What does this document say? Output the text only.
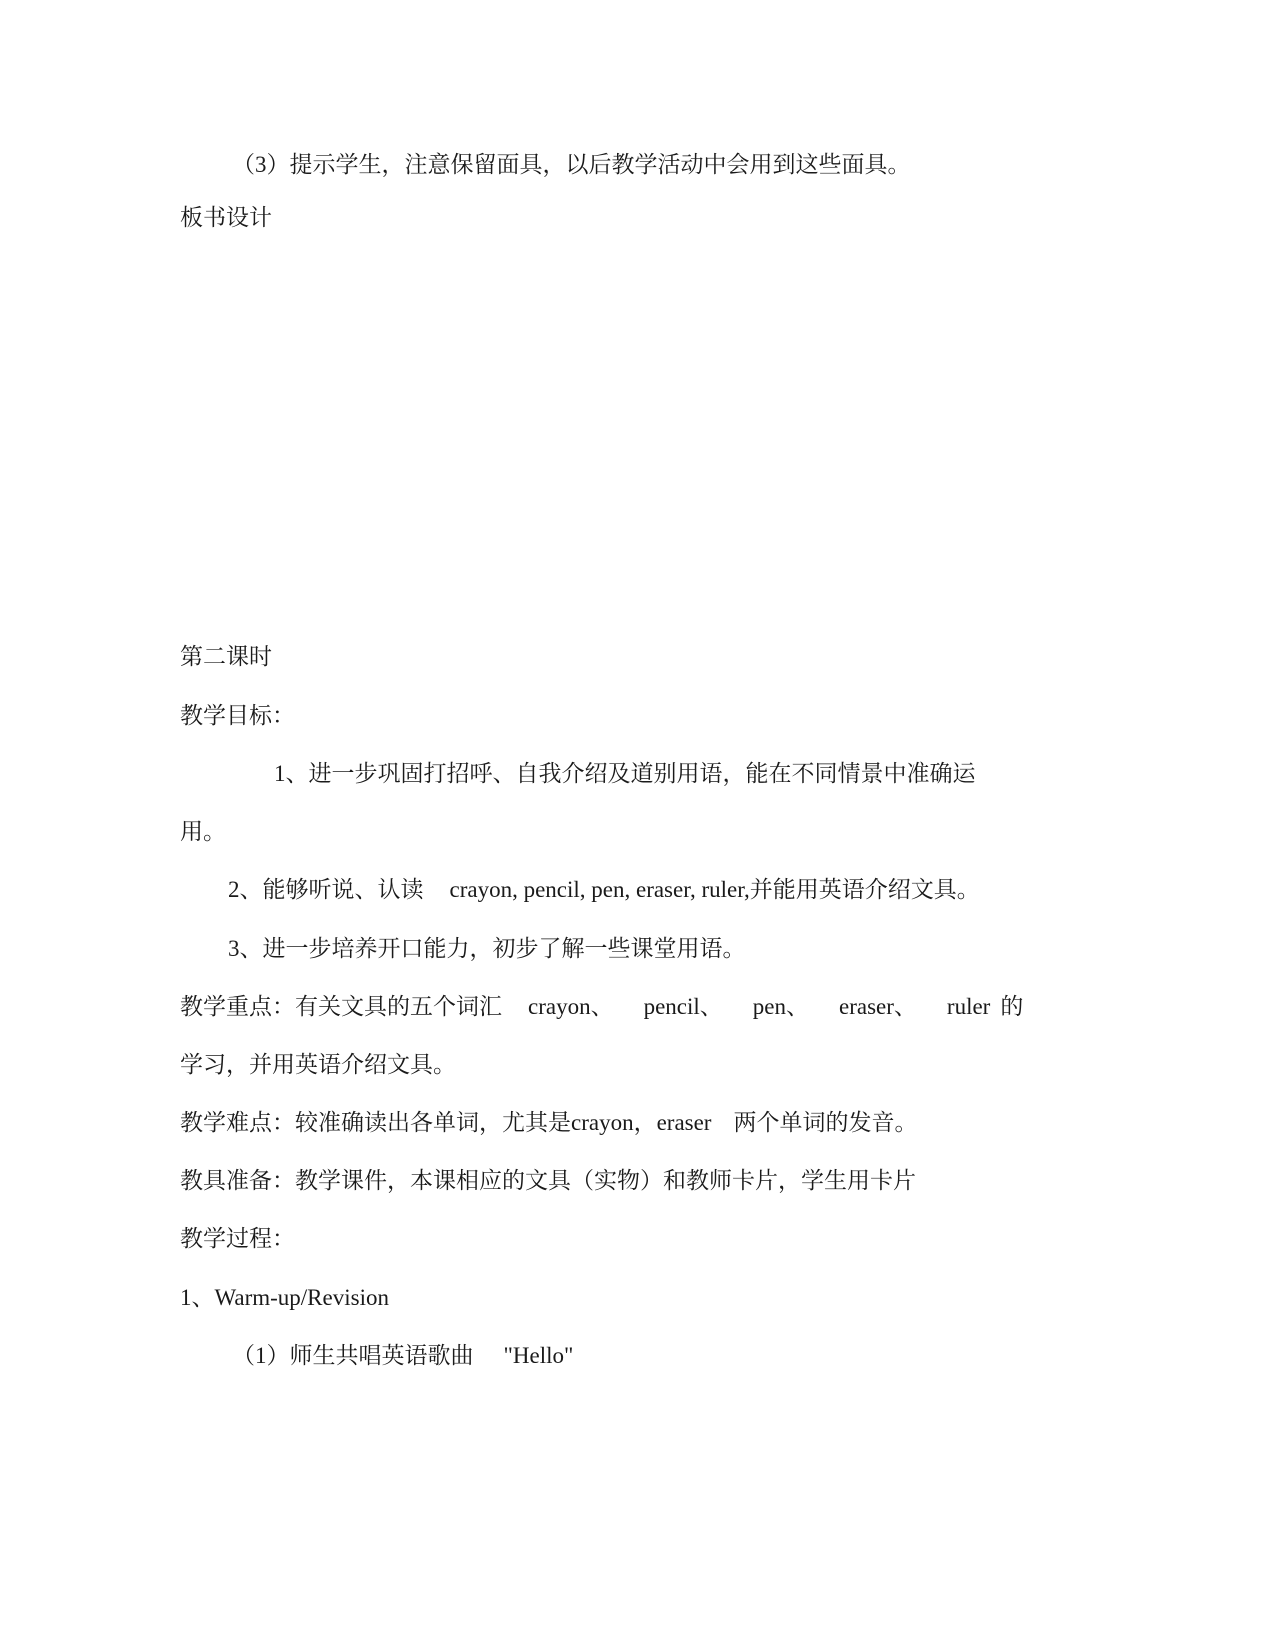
（3）提示学生，注意保留面具，以后教学活动中会用到这些面具。
板书设计
第二课时
教学目标：
1、进一步巩固打招呼、自我介绍及道别用语，能在不同情景中准确运
用。
2、能够听说、认读 crayon, pencil, pen, eraser, ruler,并能用英语介绍文具。
3、进一步培养开口能力，初步了解一些课堂用语。
教学重点：有关文具的五个词汇 crayon、 pencil、 pen、 eraser、 ruler 的
学习，并用英语介绍文具。
教学难点：较准确读出各单词，尤其是crayon，eraser 两个单词的发音。
教具准备：教学课件，本课相应的文具（实物）和教师卡片，学生用卡片
教学过程：
1、Warm-up/Revision
（1）师生共唱英语歌曲 "Hello"
